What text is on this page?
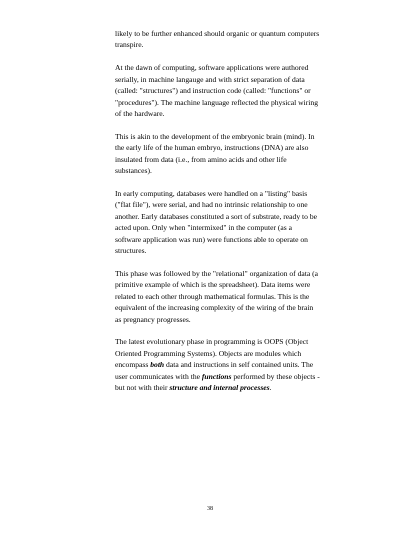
likely to be further enhanced should organic or quantum computers transpire.

At the dawn of computing, software applications were authored serially, in machine langauge and with strict separation of data (called: "structures") and instruction code (called: "functions" or "procedures"). The machine language reflected the physical wiring of the hardware.

This is akin to the development of the embryonic brain (mind). In the early life of the human embryo, instructions (DNA) are also insulated from data (i.e., from amino acids and other life substances).

In early computing, databases were handled on a "listing" basis ("flat file"), were serial, and had no intrinsic relationship to one another. Early databases constituted a sort of substrate, ready to be acted upon. Only when "intermixed" in the computer (as a software application was run) were functions able to operate on structures.

This phase was followed by the "relational" organization of data (a primitive example of which is the spreadsheet). Data items were related to each other through mathematical formulas. This is the equivalent of the increasing complexity of the wiring of the brain as pregnancy progresses.

The latest evolutionary phase in programming is OOPS (Object Oriented Programming Systems). Objects are modules which encompass both data and instructions in self contained units. The user communicates with the functions performed by these objects - but not with their structure and internal processes.

38
